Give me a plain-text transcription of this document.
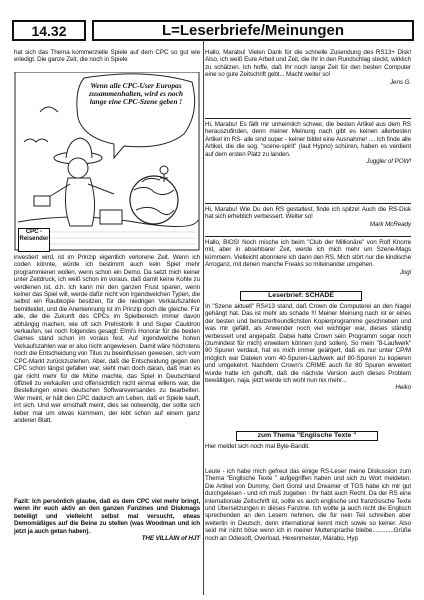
14.32	L=Leserbriefe/Meinungen

hat sich das Thema kommerzielle Spiele auf dem CPC so gut wie erledigt. Die ganze Zeit, die noch in Spiele

Wenn alle CPC-User Europas zusammenhalten, wird es noch lange eine CPC-Szene geben !
CPC - Reisender

investiert wird, ist im Prinzip eigentlich verlorene Zeit. Wenn ich coden könnte, würde ich bestimmt auch kein Spiel mehr programmieren wollen, wenn schon ein Demo. Da setzt mich keiner unter Zeitdruck, ich weiß schon im voraus, daß damit keine Kohle zu verdienen ist, d.h. ich kann mir den ganzen Frust sparen, wenn keiner das Spiel will, werde dafür nicht von irgendwelchen Typen, die selbst ein Raubkopie besitzen, für die niedrigen Verkaufszahlen bemitleidet, und die Anerkennung ist im Prinzip doch die gleiche. Für alle, die die Zukunft des CPCs im Spielbereich immer davon abhängig machen, wie oft sich Prehistorik II und Super Cauldron verkaufen, sei noch folgendes gesagt: Elmi's Honorar für die beiden Games stand schon im voraus fest. Auf irgendwelche hohen Verkaufszahlen war er also nicht angewiesen. Damit wäre höchstens noch die Entscheidung von Titus zu beeinflussen gewesen, sich vom CPC-Markt zurückzuziehen. Aber, daß die Entscheidung gegen den CPC schon längst gefallen war, sieht man doch daran, daß man es gar nicht mehr für die Mühe machte, das Spiel in Deutschland offiziell zu verkaufen und offensichtlich nicht einmal willens war, die Bestellungen eines deutschen Softwareversandes zu bearbeiten. Wer meint, er hält den CPC dadurch am Leben, daß er Spiele kauft, irrt sich. Und wer ernsthaft meint, dies sei notwendig, der sollte sich lieber mal um etwas kümmern, der lebt schon auf einem ganz anderen Blatt.

Fazit: Ich persönlich glaube, daß es dem CPC viel mehr bringt, wenn ihr euch aktiv an den ganzen Fanzines und Diskmags beteiligt und vielleicht selbst mal versucht, etwas Demomäßiges auf die Beine zu stellen (was Woodman und ich jetzt ja auch getan haben).

THE VILLAIN of HJT

Hallo, Marabu! Vielen Dank für die schnelle Zusendung des RS13+ Disk! Also, ich weiß Eure Arbeit und Zeit, die Ihr in den Rundschlag steckt, wirklich zu schätzen. Ich hoffe, daß Ihr noch lange Zeit für den besten Computer eine so gute Zeitschrift gebt... Macht weiter so!

Jens G.

Hi, Marabu! Es fällt mir unheimlich schwer, die besten Artikel aus dem RS herauszufinden, denn meiner Meinung nach gibt es keinen allerbesten Artikel im RS- alle sind super - keiner bildet eine Ausnahme! .... Ich finde alle Artikel, die die sog. "scene-spirit" (laut Hypno) schüren, haben es verdient auf dem ersten Platz zu landen.

Juggler of POW!

Hi, Marabu! Wie Du den RS gestaltest, finde ich spitze! Auch die RS-Disk hat sich erheblich verbessert. Weiter so!

Mark McReady

Hallo, BIOS! Noch mische ich beim "Club der Millionäre" von Rolf Knorre mit, aber in absehbarer Zeit, werde ich mich mehr um Szene-Mags kümmern. Vielleicht abonniere ich dann den RS. Mich stört nur die kindische Arroganz, mit denen manche Freaks so miteinander umgehen.

Jogi
Leserbrief: SCHADE

In "Szene aktuell" RS#13 stand, daß Crown die Computerei an den Nagel gehängt hat. Das ist mehr als schade !!! Meiner Meinung nach ist er eines der besten und benutzerfreundlichsten Kopierprogramme geschrieben und was mir gefällt, als Anwender noch viel wichtiger war, dieses ständig verbessert und angepaßt. Dabei hatte Crown sein Programm sogar noch (zumindest für mich) erweitern können (und sollen). So mein "8-Laufwerk" 80 Spuren verdaut, hat es mich immer geärgert, daß es nur unter CP/M möglich war Dateien vom 40-Spuren-Laufwerk auf 80-Spuren zu kopieren und umgekehrt. Nachdem Crown's CRIME auch für 80 Spuren erweitert wurde hatte ich gehofft, daß die nächste Version auch dieses Problem bewältigen, naja, jetzt werde ich wohl nun nix mehr...

Heiko
zum Thema "Englische Texte "

Hier meldet sich noch mal Byte-Bandit.

Leute - ich habe mich gefreut das einige RS-Leser meine Diskussion zum Thema "Englische Texte " aufgegriffen haben und sich zu Wort meldeten. Die Artikel von Dummy, Gert Gorisl und Dreamer of TGS habe ich mir gut durchgelesen - und ich muß zugeben : Ihr habt auch Recht. Da der RS eine internationale Zeitschrift ist, sollte es auch englische und französische Texte und Übersetzungen in dieses Fanzine. Ich wollte ja auch nicht die Englisch sprechenden an den Lesern nehmen, die für nein Teil schreiben aber weitertin in Deutsch, denn international kennt mich sowie so keiner. Also seid mir nicht böse wenn ich in meiner Muttersprache bleibe.............Grüße noch an Odiesoft, Overload, Hexenmeister, Marabu, Hyp
